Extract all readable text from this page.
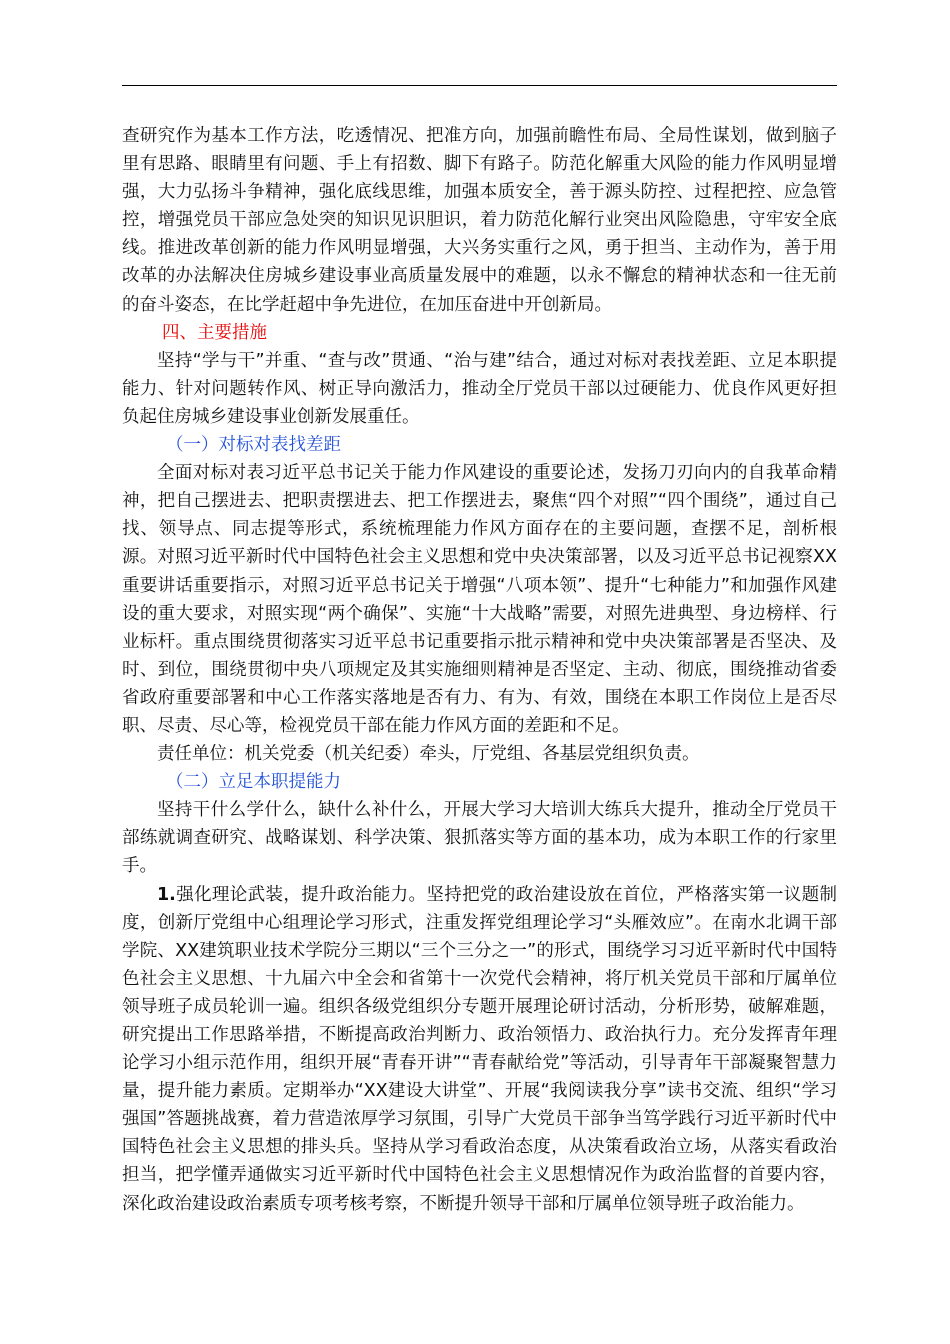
查研究作为基本工作方法，吃透情况、把准方向，加强前瞻性布局、全局性谋划，做到脑子里有思路、眼睛里有问题、手上有招数、脚下有路子。防范化解重大风险的能力作风明显增强，大力弘扬斗争精神，强化底线思维，加强本质安全，善于源头防控、过程把控、应急管控，增强党员干部应急处突的知识见识胆识，着力防范化解行业突出风险隐患，守牢安全底线。推进改革创新的能力作风明显增强，大兴务实重行之风，勇于担当、主动作为，善于用改革的办法解决住房城乡建设事业高质量发展中的难题，以永不懈怠的精神状态和一往无前的奋斗姿态，在比学赶超中争先进位，在加压奋进中开创新局。

四、主要措施

坚持“学与干”并重、“查与改”贯通、“治与建”结合，通过对标对表找差距、立足本职提能力、针对问题转作风、树正导向激活力，推动全厅党员干部以过硬能力、优良作风更好担负起住房城乡建设事业创新发展重任。

（一）对标对表找差距

全面对标对表习近平总书记关于能力作风建设的重要论述，发扬刀刃向内的自我革命精神，把自己摆进去、把职责摆进去、把工作摆进去，聚焦“四个对照”“四个围绕”，通过自己找、领导点、同志提等形式，系统梳理能力作风方面存在的主要问题，查摆不足，剖析根源。对照习近平新时代中国特色社会主义思想和党中央决策部署，以及习近平总书记视察XX重要讲话重要指示，对照习近平总书记关于增强“八项本领”、提升“七种能力”和加强作风建设的重大要求，对照实现“两个确保”、实施“十大战略”需要，对照先进典型、身边榜样、行业标杆。重点围绕贯彻落实习近平总书记重要指示批示精神和党中央决策部署是否坚决、及时、到位，围绕贯彻中央八项规定及其实施细则精神是否坚定、主动、彻底，围绕推动省委省政府重要部署和中心工作落实落地是否有力、有为、有效，围绕在本职工作岗位上是否尽职、尽责、尽心等，检视党员干部在能力作风方面的差距和不足。

责任单位：机关党委（机关纪委）牵头，厅党组、各基层党组织负责。

（二）立足本职提能力

坚持干什么学什么，缺什么补什么，开展大学习大培训大练兵大提升，推动全厅党员干部练就调查研究、战略谋划、科学决策、狠抓落实等方面的基本功，成为本职工作的行家里手。

1.强化理论武装，提升政治能力。坚持把党的政治建设放在首位，严格落实第一议题制度，创新厅党组中心组理论学习形式，注重发挥党组理论学习“头雁效应”。在南水北调干部学院、XX建筑职业技术学院分三期以“三个三分之一”的形式，围绕学习习近平新时代中国特色社会主义思想、十九届六中全会和省第十一次党代会精神，将厅机关党员干部和厅属单位领导班子成员轮训一遍。组织各级党组织分专题开展理论研讨活动，分析形势，破解难题，研究提出工作思路举措，不断提高政治判断力、政治领悟力、政治执行力。充分发挥青年理论学习小组示范作用，组织开展“青春开讲”“青春献给党”等活动，引导青年干部凝聚智慧力量，提升能力素质。定期举办“XX建设大讲堂”、开展“我阅读我分享”读书交流、组织“学习强国”答题挑战赛，着力营造浓厚学习氛围，引导广大党员干部争当笃学践行习近平新时代中国特色社会主义思想的排头兵。坚持从学习看政治态度，从决策看政治立场，从落实看政治担当，把学懂弄通做实习近平新时代中国特色社会主义思想情况作为政治监督的首要内容，深化政治建设政治素质专项考核考察，不断提升领导干部和厅属单位领导班子政治能力。
